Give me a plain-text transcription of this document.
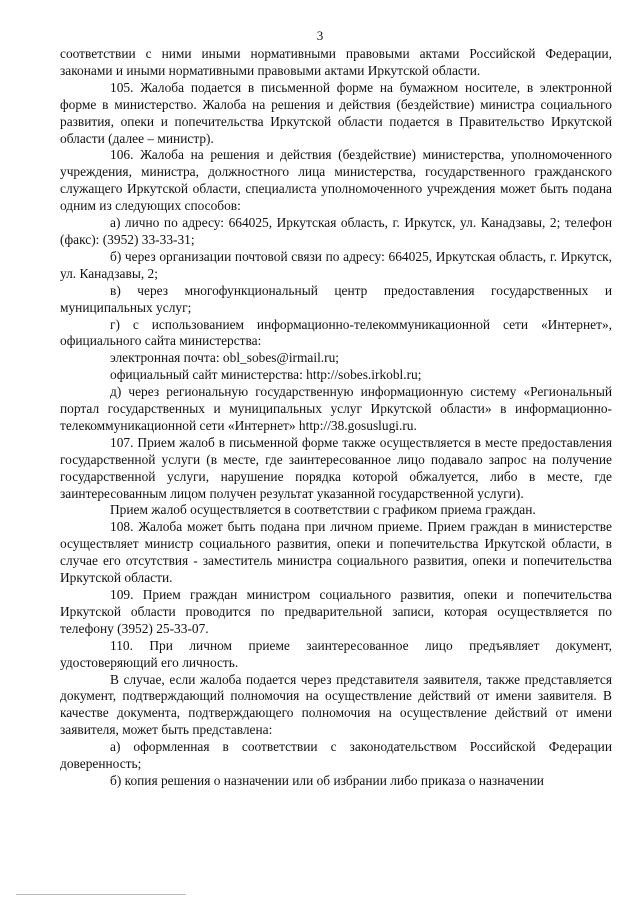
3

соответствии с ними иными нормативными правовыми актами Российской Федерации, законами и иными нормативными правовыми актами Иркутской области.

105. Жалоба подается в письменной форме на бумажном носителе, в электронной форме в министерство. Жалоба на решения и действия (бездействие) министра социального развития, опеки и попечительства Иркутской области подается в Правительство Иркутской области (далее – министр).

106. Жалоба на решения и действия (бездействие) министерства, уполномоченного учреждения, министра, должностного лица министерства, государственного гражданского служащего Иркутской области, специалиста уполномоченного учреждения может быть подана одним из следующих способов:

а) лично по адресу: 664025, Иркутская область, г. Иркутск, ул. Канадзавы, 2; телефон (факс): (3952) 33-33-31;

б) через организации почтовой связи по адресу: 664025, Иркутская область, г. Иркутск, ул. Канадзавы, 2;

в) через многофункциональный центр предоставления государственных и муниципальных услуг;

г) с использованием информационно-телекоммуникационной сети «Интернет», официального сайта министерства:

электронная почта: obl_sobes@irmail.ru;

официальный сайт министерства: http://sobes.irkobl.ru;

д) через региональную государственную информационную систему «Региональный портал государственных и муниципальных услуг Иркутской области» в информационно-телекоммуникационной сети «Интернет» http://38.gosuslugi.ru.

107. Прием жалоб в письменной форме также осуществляется в месте предоставления государственной услуги (в месте, где заинтересованное лицо подавало запрос на получение государственной услуги, нарушение порядка которой обжалуется, либо в месте, где заинтересованным лицом получен результат указанной государственной услуги).

Прием жалоб осуществляется в соответствии с графиком приема граждан.

108. Жалоба может быть подана при личном приеме. Прием граждан в министерстве осуществляет министр социального развития, опеки и попечительства Иркутской области, в случае его отсутствия - заместитель министра социального развития, опеки и попечительства Иркутской области.

109. Прием граждан министром социального развития, опеки и попечительства Иркутской области проводится по предварительной записи, которая осуществляется по телефону (3952) 25-33-07.

110. При личном приеме заинтересованное лицо предъявляет документ, удостоверяющий его личность.

В случае, если жалоба подается через представителя заявителя, также представляется документ, подтверждающий полномочия на осуществление действий от имени заявителя. В качестве документа, подтверждающего полномочия на осуществление действий от имени заявителя, может быть представлена:

а) оформленная в соответствии с законодательством Российской Федерации доверенность;

б) копия решения о назначении или об избрании либо приказа о назначении
